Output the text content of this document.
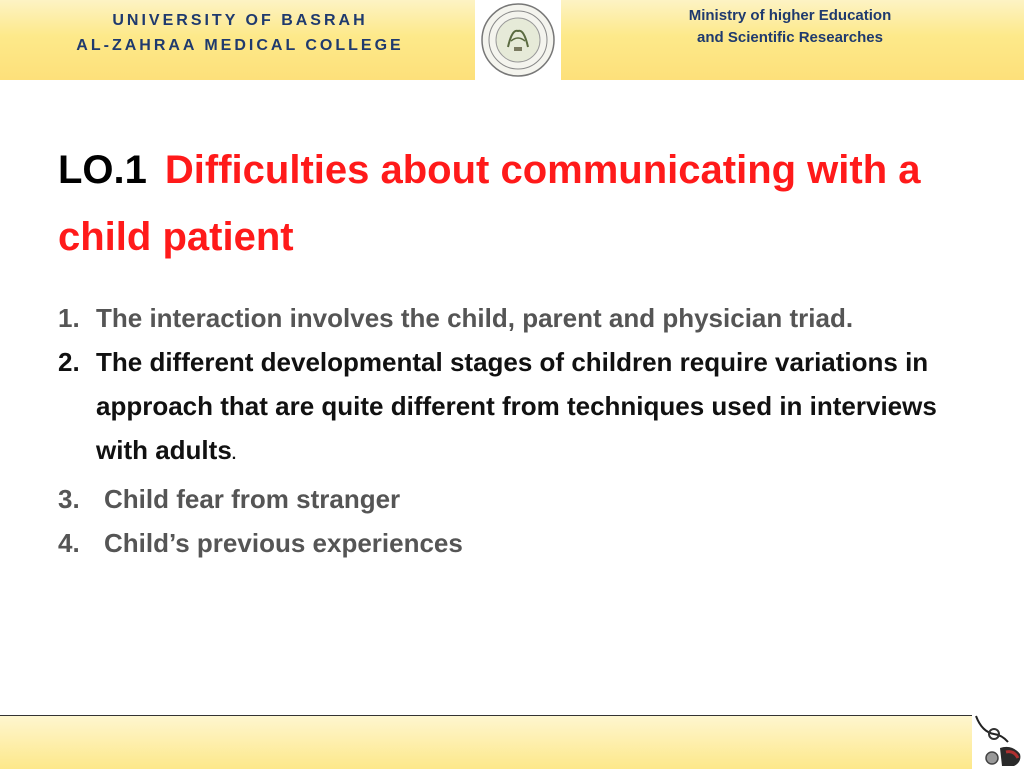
UNIVERSITY OF BASRAH
AL-ZAHRAA MEDICAL COLLEGE
Ministry of higher Education
and Scientific Researches
LO.1 Difficulties about communicating with a child patient
1. The interaction involves the child, parent and physician triad.
2. The different developmental stages of children require variations in approach that are quite different from techniques used in interviews with adults.
3. Child fear from stranger
4. Child’s previous experiences
